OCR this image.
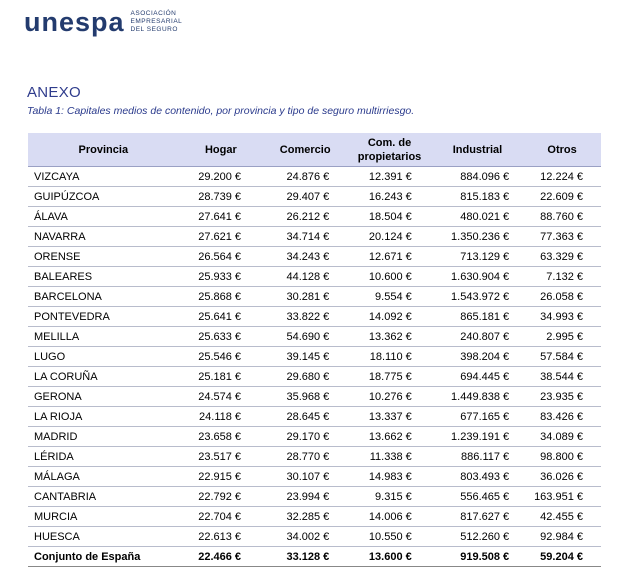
unespa ASOCIACIÓN
EMPRESARIAL
DEL SEGURO
ANEXO
Tabla 1: Capitales medios de contenido, por provincia y tipo de seguro multirriesgo.
Provincia	Hogar	Comercio	Com. de propietarios	Industrial	Otros
VIZCAYA	29.200 €	24.876 €	12.391 €	884.096 €	12.224 €
GUIPÚZCOA	28.739 €	29.407 €	16.243 €	815.183 €	22.609 €
ÁLAVA	27.641 €	26.212 €	18.504 €	480.021 €	88.760 €
NAVARRA	27.621 €	34.714 €	20.124 €	1.350.236 €	77.363 €
ORENSE	26.564 €	34.243 €	12.671 €	713.129 €	63.329 €
BALEARES	25.933 €	44.128 €	10.600 €	1.630.904 €	7.132 €
BARCELONA	25.868 €	30.281 €	9.554 €	1.543.972 €	26.058 €
PONTEVEDRA	25.641 €	33.822 €	14.092 €	865.181 €	34.993 €
MELILLA	25.633 €	54.690 €	13.362 €	240.807 €	2.995 €
LUGO	25.546 €	39.145 €	18.110 €	398.204 €	57.584 €
LA CORUÑA	25.181 €	29.680 €	18.775 €	694.445 €	38.544 €
GERONA	24.574 €	35.968 €	10.276 €	1.449.838 €	23.935 €
LA RIOJA	24.118 €	28.645 €	13.337 €	677.165 €	83.426 €
MADRID	23.658 €	29.170 €	13.662 €	1.239.191 €	34.089 €
LÉRIDA	23.517 €	28.770 €	11.338 €	886.117 €	98.800 €
MÁLAGA	22.915 €	30.107 €	14.983 €	803.493 €	36.026 €
CANTABRIA	22.792 €	23.994 €	9.315 €	556.465 €	163.951 €
MURCIA	22.704 €	32.285 €	14.006 €	817.627 €	42.455 €
HUESCA	22.613 €	34.002 €	10.550 €	512.260 €	92.984 €
Conjunto de España	22.466 €	33.128 €	13.600 €	919.508 €	59.204 €
